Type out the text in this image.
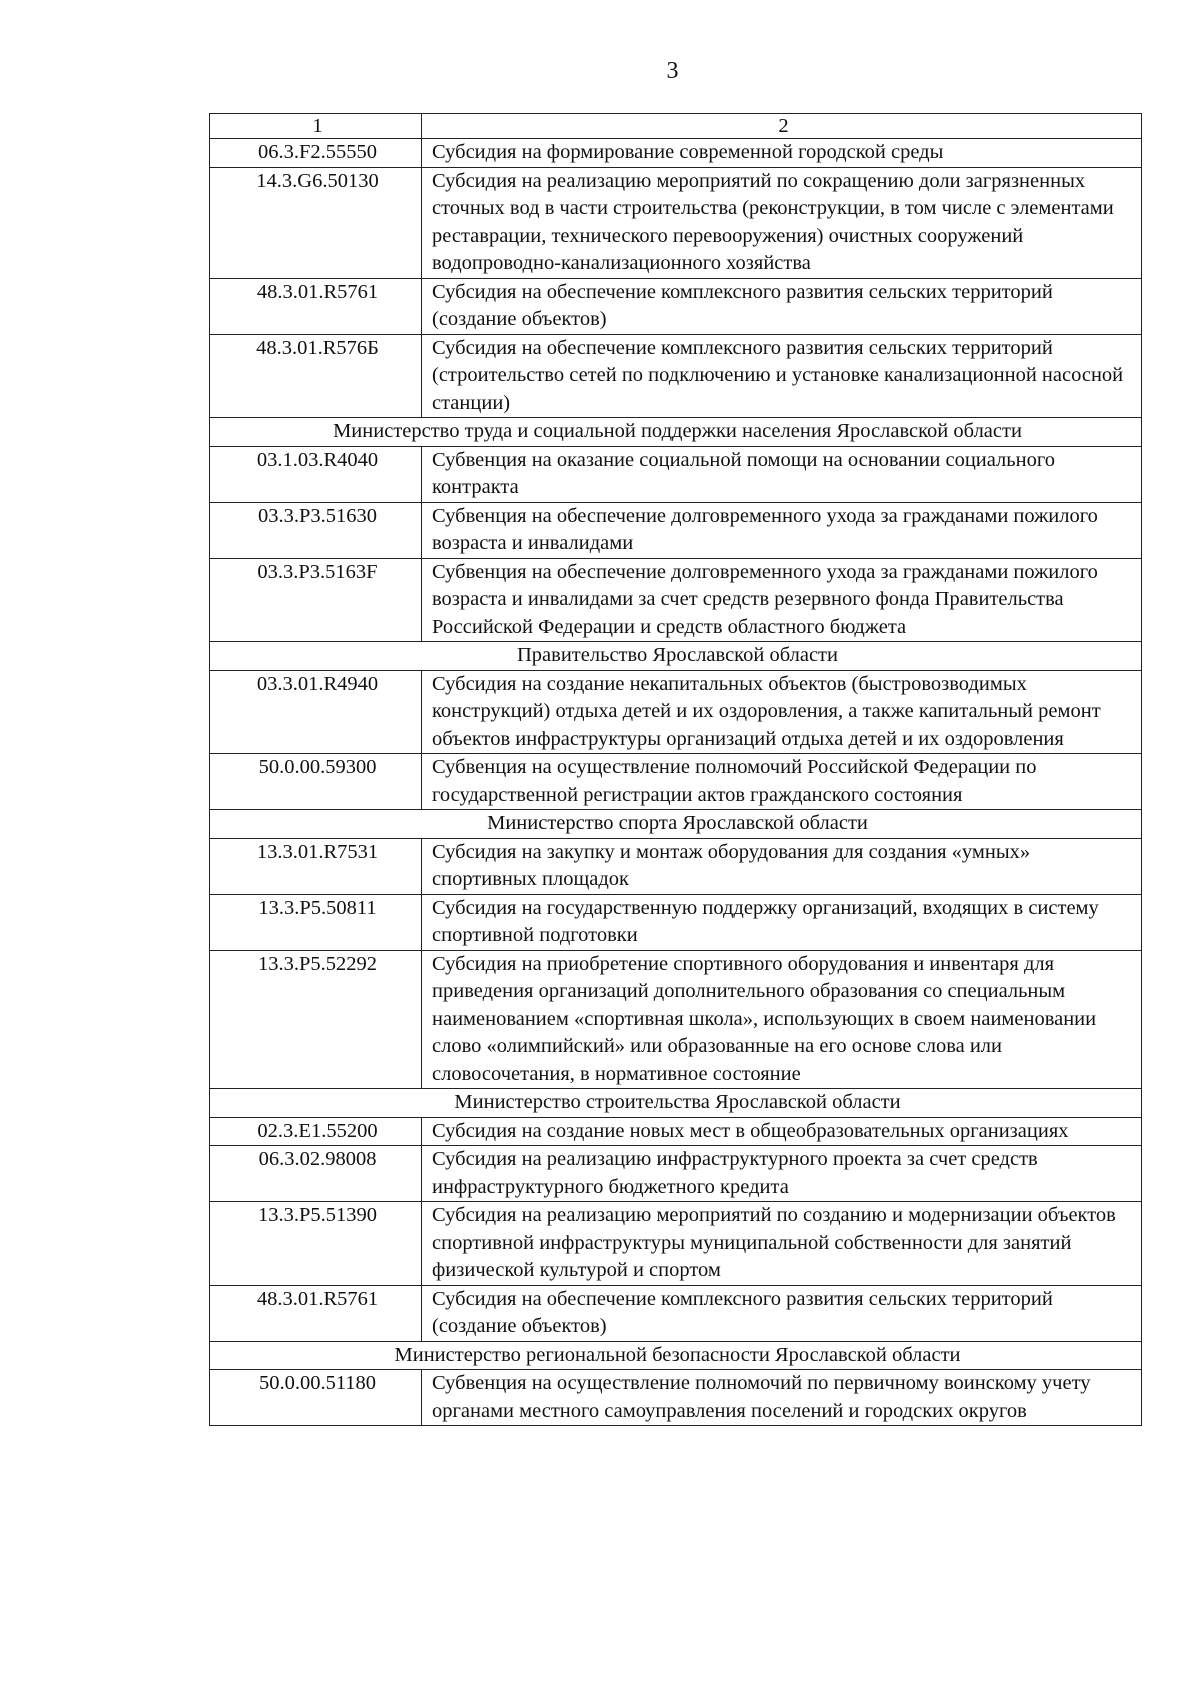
3
1	2
06.3.F2.55550	Субсидия на формирование современной городской среды
14.3.G6.50130	Субсидия на реализацию мероприятий по сокращению доли загрязненных сточных вод в части строительства (реконструкции, в том числе с элементами реставрации, технического перевооружения) очистных сооружений водопроводно-канализационного хозяйства
48.3.01.R5761	Субсидия на обеспечение комплексного развития сельских территорий (создание объектов)
48.3.01.R576Б	Субсидия на обеспечение комплексного развития сельских территорий (строительство сетей по подключению и установке канализационной насосной станции)
Министерство труда и социальной поддержки населения Ярославской области	
03.1.03.R4040	Субвенция на оказание социальной помощи на основании социального контракта
03.3.P3.51630	Субвенция на обеспечение долговременного ухода за гражданами пожилого возраста и инвалидами
03.3.P3.5163F	Субвенция на обеспечение долговременного ухода за гражданами пожилого возраста и инвалидами за счет средств резервного фонда Правительства Российской Федерации и средств областного бюджета
Правительство Ярославской области	
03.3.01.R4940	Субсидия на создание некапитальных объектов (быстровозводимых конструкций) отдыха детей и их оздоровления, а также капитальный ремонт объектов инфраструктуры организаций отдыха детей и их оздоровления
50.0.00.59300	Субвенция на осуществление полномочий Российской Федерации по государственной регистрации актов гражданского состояния
Министерство спорта Ярославской области	
13.3.01.R7531	Субсидия на закупку и монтаж оборудования для создания «умных» спортивных площадок
13.3.P5.50811	Субсидия на государственную поддержку организаций, входящих в систему спортивной подготовки
13.3.P5.52292	Субсидия на приобретение спортивного оборудования и инвентаря для приведения организаций дополнительного образования со специальным наименованием «спортивная школа», использующих в своем наименовании слово «олимпийский» или образованные на его основе слова или словосочетания, в нормативное состояние
Министерство строительства Ярославской области	
02.3.E1.55200	Субсидия на создание новых мест в общеобразовательных организациях
06.3.02.98008	Субсидия на реализацию инфраструктурного проекта за счет средств инфраструктурного бюджетного кредита
13.3.P5.51390	Субсидия на реализацию мероприятий по созданию и модернизации объектов спортивной инфраструктуры муниципальной собственности для занятий физической культурой и спортом
48.3.01.R5761	Субсидия на обеспечение комплексного развития сельских территорий (создание объектов)
Министерство региональной безопасности Ярославской области	
50.0.00.51180	Субвенция на осуществление полномочий по первичному воинскому учету органами местного самоуправления поселений и городских округов
